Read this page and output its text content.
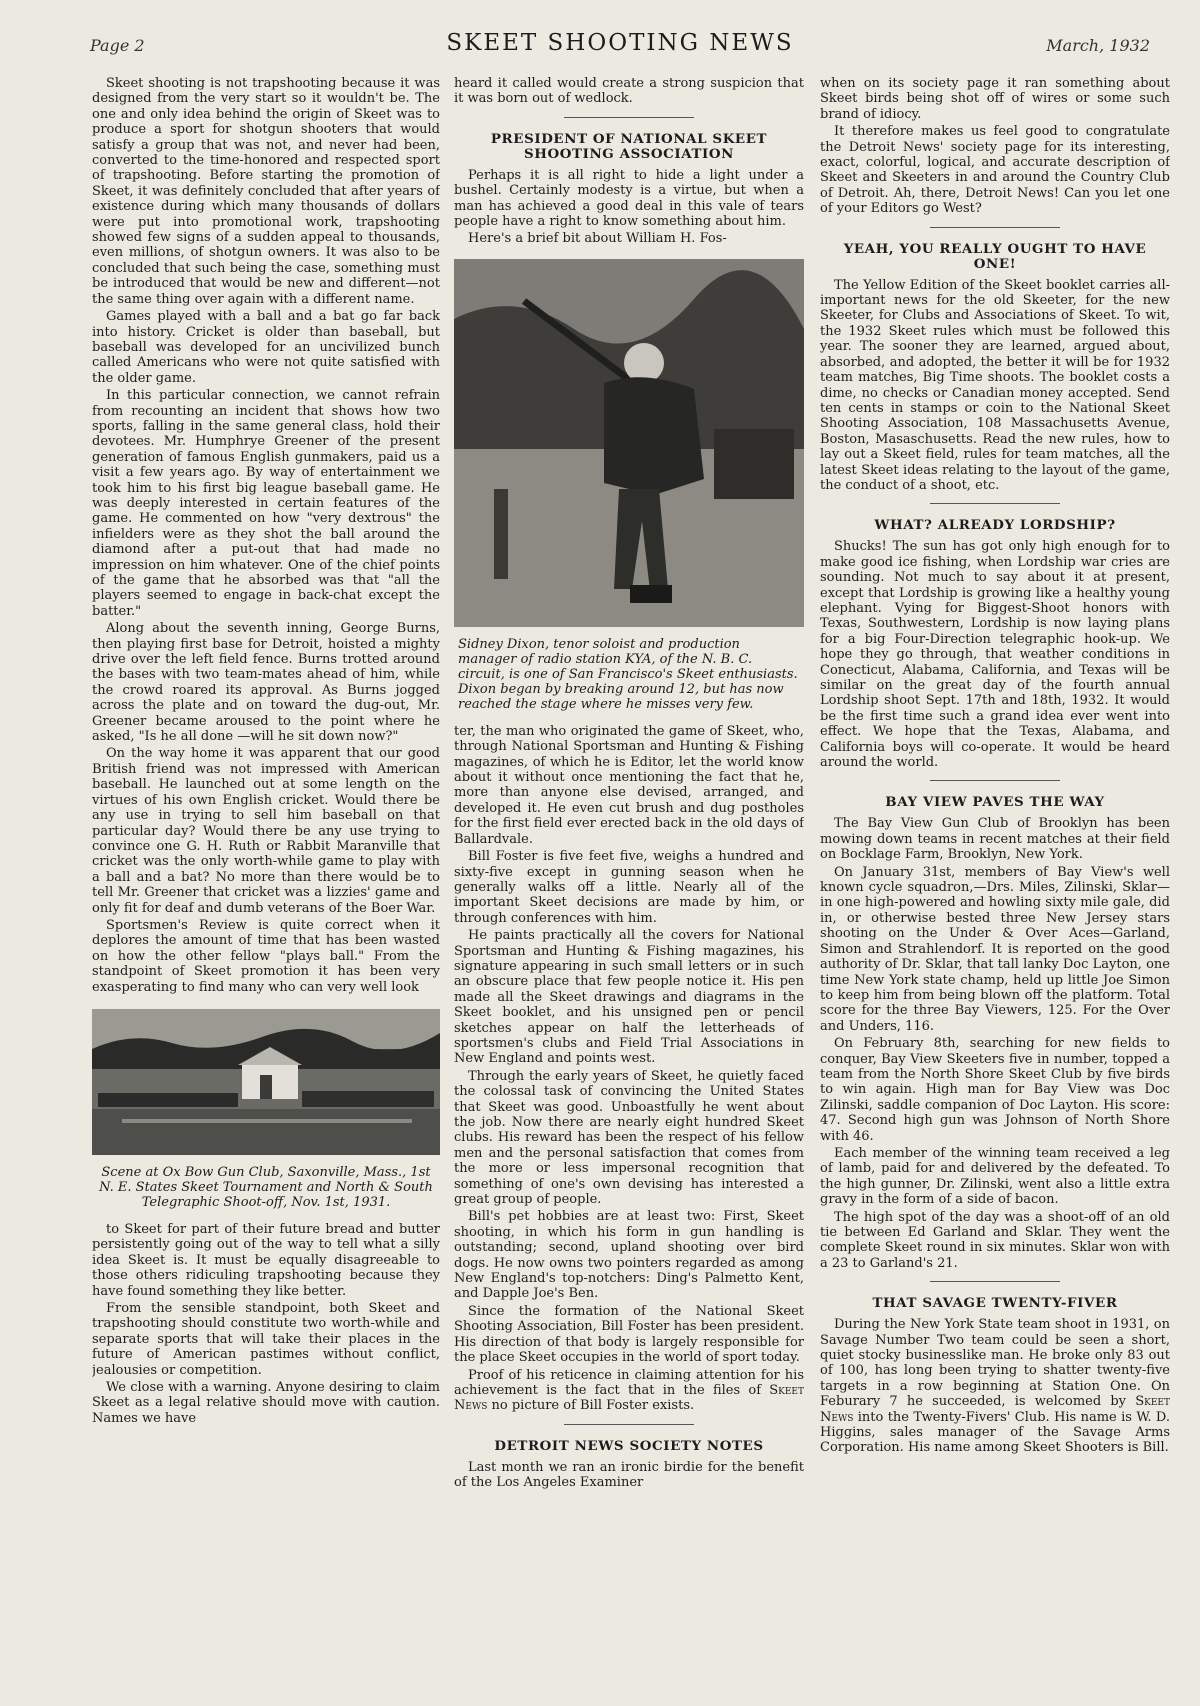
Page 2	SKEET SHOOTING NEWS	March, 1932

Skeet shooting is not trapshooting because it was designed from the very start so it wouldn't be. The one and only idea behind the origin of Skeet was to produce a sport for shotgun shooters that would satisfy a group that was not, and never had been, converted to the time-honored and respected sport of trapshooting. Before starting the promotion of Skeet, it was definitely concluded that after years of existence during which many thousands of dollars were put into promotional work, trapshooting showed few signs of a sudden appeal to thousands, even millions, of shotgun owners. It was also to be concluded that such being the case, something must be introduced that would be new and different—not the same thing over again with a different name.

Games played with a ball and a bat go far back into history. Cricket is older than baseball, but baseball was developed for an uncivilized bunch called Americans who were not quite satisfied with the older game.

In this particular connection, we cannot refrain from recounting an incident that shows how two sports, falling in the same general class, hold their devotees. Mr. Humphrye Greener of the present generation of famous English gunmakers, paid us a visit a few years ago. By way of entertainment we took him to his first big league baseball game. He was deeply interested in certain features of the game. He commented on how "very dextrous" the infielders were as they shot the ball around the diamond after a put-out that had made no impression on him whatever. One of the chief points of the game that he absorbed was that "all the players seemed to engage in back-chat except the batter."

Along about the seventh inning, George Burns, then playing first base for Detroit, hoisted a mighty drive over the left field fence. Burns trotted around the bases with two team-mates ahead of him, while the crowd roared its approval. As Burns jogged across the plate and on toward the dug-out, Mr. Greener became aroused to the point where he asked, "Is he all done —will he sit down now?"

On the way home it was apparent that our good British friend was not impressed with American baseball. He launched out at some length on the virtues of his own English cricket. Would there be any use in trying to sell him baseball on that particular day? Would there be any use trying to convince one G. H. Ruth or Rabbit Maranville that cricket was the only worth-while game to play with a ball and a bat? No more than there would be to tell Mr. Greener that cricket was a lizzies' game and only fit for deaf and dumb veterans of the Boer War.

Sportsmen's Review is quite correct when it deplores the amount of time that has been wasted on how the other fellow "plays ball." From the standpoint of Skeet promotion it has been very exasperating to find many who can very well look

Scene at Ox Bow Gun Club, Saxonville, Mass., 1st N. E. States Skeet Tournament and North & South Telegraphic Shoot-off, Nov. 1st, 1931.

to Skeet for part of their future bread and butter persistently going out of the way to tell what a silly idea Skeet is. It must be equally disagreeable to those others ridiculing trapshooting because they have found something they like better.

From the sensible standpoint, both Skeet and trapshooting should constitute two worth-while and separate sports that will take their places in the future of American pastimes without conflict, jealousies or competition.

We close with a warning. Anyone desiring to claim Skeet as a legal relative should move with caution. Names we have

heard it called would create a strong suspicion that it was born out of wedlock.

PRESIDENT OF NATIONAL SKEET SHOOTING ASSOCIATION

Perhaps it is all right to hide a light under a bushel. Certainly modesty is a virtue, but when a man has achieved a good deal in this vale of tears people have a right to know something about him.

Here's a brief bit about William H. Fos-

Sidney Dixon, tenor soloist and production manager of radio station KYA, of the N. B. C. circuit, is one of San Francisco's Skeet enthusiasts. Dixon began by breaking around 12, but has now reached the stage where he misses very few.

ter, the man who originated the game of Skeet, who, through National Sportsman and Hunting & Fishing magazines, of which he is Editor, let the world know about it without once mentioning the fact that he, more than anyone else devised, arranged, and developed it. He even cut brush and dug postholes for the first field ever erected back in the old days of Ballardvale.

Bill Foster is five feet five, weighs a hundred and sixty-five except in gunning season when he generally walks off a little. Nearly all of the important Skeet decisions are made by him, or through conferences with him.

He paints practically all the covers for National Sportsman and Hunting & Fishing magazines, his signature appearing in such small letters or in such an obscure place that few people notice it. His pen made all the Skeet drawings and diagrams in the Skeet booklet, and his unsigned pen or pencil sketches appear on half the letterheads of sportsmen's clubs and Field Trial Associations in New England and points west.

Through the early years of Skeet, he quietly faced the colossal task of convincing the United States that Skeet was good. Unboastfully he went about the job. Now there are nearly eight hundred Skeet clubs. His reward has been the respect of his fellow men and the personal satisfaction that comes from the more or less impersonal recognition that something of one's own devising has interested a great group of people.

Bill's pet hobbies are at least two: First, Skeet shooting, in which his form in gun handling is outstanding; second, upland shooting over bird dogs. He now owns two pointers regarded as among New England's top-notchers: Ding's Palmetto Kent, and Dapple Joe's Ben.

Since the formation of the National Skeet Shooting Association, Bill Foster has been president. His direction of that body is largely responsible for the place Skeet occupies in the world of sport today.

Proof of his reticence in claiming attention for his achievement is the fact that in the files of Skeet News no picture of Bill Foster exists.

DETROIT NEWS SOCIETY NOTES

Last month we ran an ironic birdie for the benefit of the Los Angeles Examiner

when on its society page it ran something about Skeet birds being shot off of wires or some such brand of idiocy.

It therefore makes us feel good to congratulate the Detroit News' society page for its interesting, exact, colorful, logical, and accurate description of Skeet and Skeeters in and around the Country Club of Detroit. Ah, there, Detroit News! Can you let one of your Editors go West?

YEAH, YOU REALLY OUGHT TO HAVE ONE!

The Yellow Edition of the Skeet booklet carries all-important news for the old Skeeter, for the new Skeeter, for Clubs and Associations of Skeet. To wit, the 1932 Skeet rules which must be followed this year. The sooner they are learned, argued about, absorbed, and adopted, the better it will be for 1932 team matches, Big Time shoots. The booklet costs a dime, no checks or Canadian money accepted. Send ten cents in stamps or coin to the National Skeet Shooting Association, 108 Massachusetts Avenue, Boston, Masaschusetts. Read the new rules, how to lay out a Skeet field, rules for team matches, all the latest Skeet ideas relating to the layout of the game, the conduct of a shoot, etc.

WHAT? ALREADY LORDSHIP?

Shucks! The sun has got only high enough for to make good ice fishing, when Lordship war cries are sounding. Not much to say about it at present, except that Lordship is growing like a healthy young elephant. Vying for Biggest-Shoot honors with Texas, Southwestern, Lordship is now laying plans for a big Four-Direction telegraphic hook-up. We hope they go through, that weather conditions in Conecticut, Alabama, California, and Texas will be similar on the great day of the fourth annual Lordship shoot Sept. 17th and 18th, 1932. It would be the first time such a grand idea ever went into effect. We hope that the Texas, Alabama, and California boys will co-operate. It would be heard around the world.

BAY VIEW PAVES THE WAY

The Bay View Gun Club of Brooklyn has been mowing down teams in recent matches at their field on Bocklage Farm, Brooklyn, New York.

On January 31st, members of Bay View's well known cycle squadron,—Drs. Miles, Zilinski, Sklar—in one high-powered and howling sixty mile gale, did in, or otherwise bested three New Jersey stars shooting on the Under & Over Aces—Garland, Simon and Strahlendorf. It is reported on the good authority of Dr. Sklar, that tall lanky Doc Layton, one time New York state champ, held up little Joe Simon to keep him from being blown off the platform. Total score for the three Bay Viewers, 125. For the Over and Unders, 116.

On February 8th, searching for new fields to conquer, Bay View Skeeters five in number, topped a team from the North Shore Skeet Club by five birds to win again. High man for Bay View was Doc Zilinski, saddle companion of Doc Layton. His score: 47. Second high gun was Johnson of North Shore with 46.

Each member of the winning team received a leg of lamb, paid for and delivered by the defeated. To the high gunner, Dr. Zilinski, went also a little extra gravy in the form of a side of bacon.

The high spot of the day was a shoot-off of an old tie between Ed Garland and Sklar. They went the complete Skeet round in six minutes. Sklar won with a 23 to Garland's 21.

THAT SAVAGE TWENTY-FIVER

During the New York State team shoot in 1931, on Savage Number Two team could be seen a short, quiet stocky businesslike man. He broke only 83 out of 100, has long been trying to shatter twenty-five targets in a row beginning at Station One. On Feburary 7 he succeeded, is welcomed by Skeet News into the Twenty-Fivers' Club. His name is W. D. Higgins, sales manager of the Savage Arms Corporation. His name among Skeet Shooters is Bill.
